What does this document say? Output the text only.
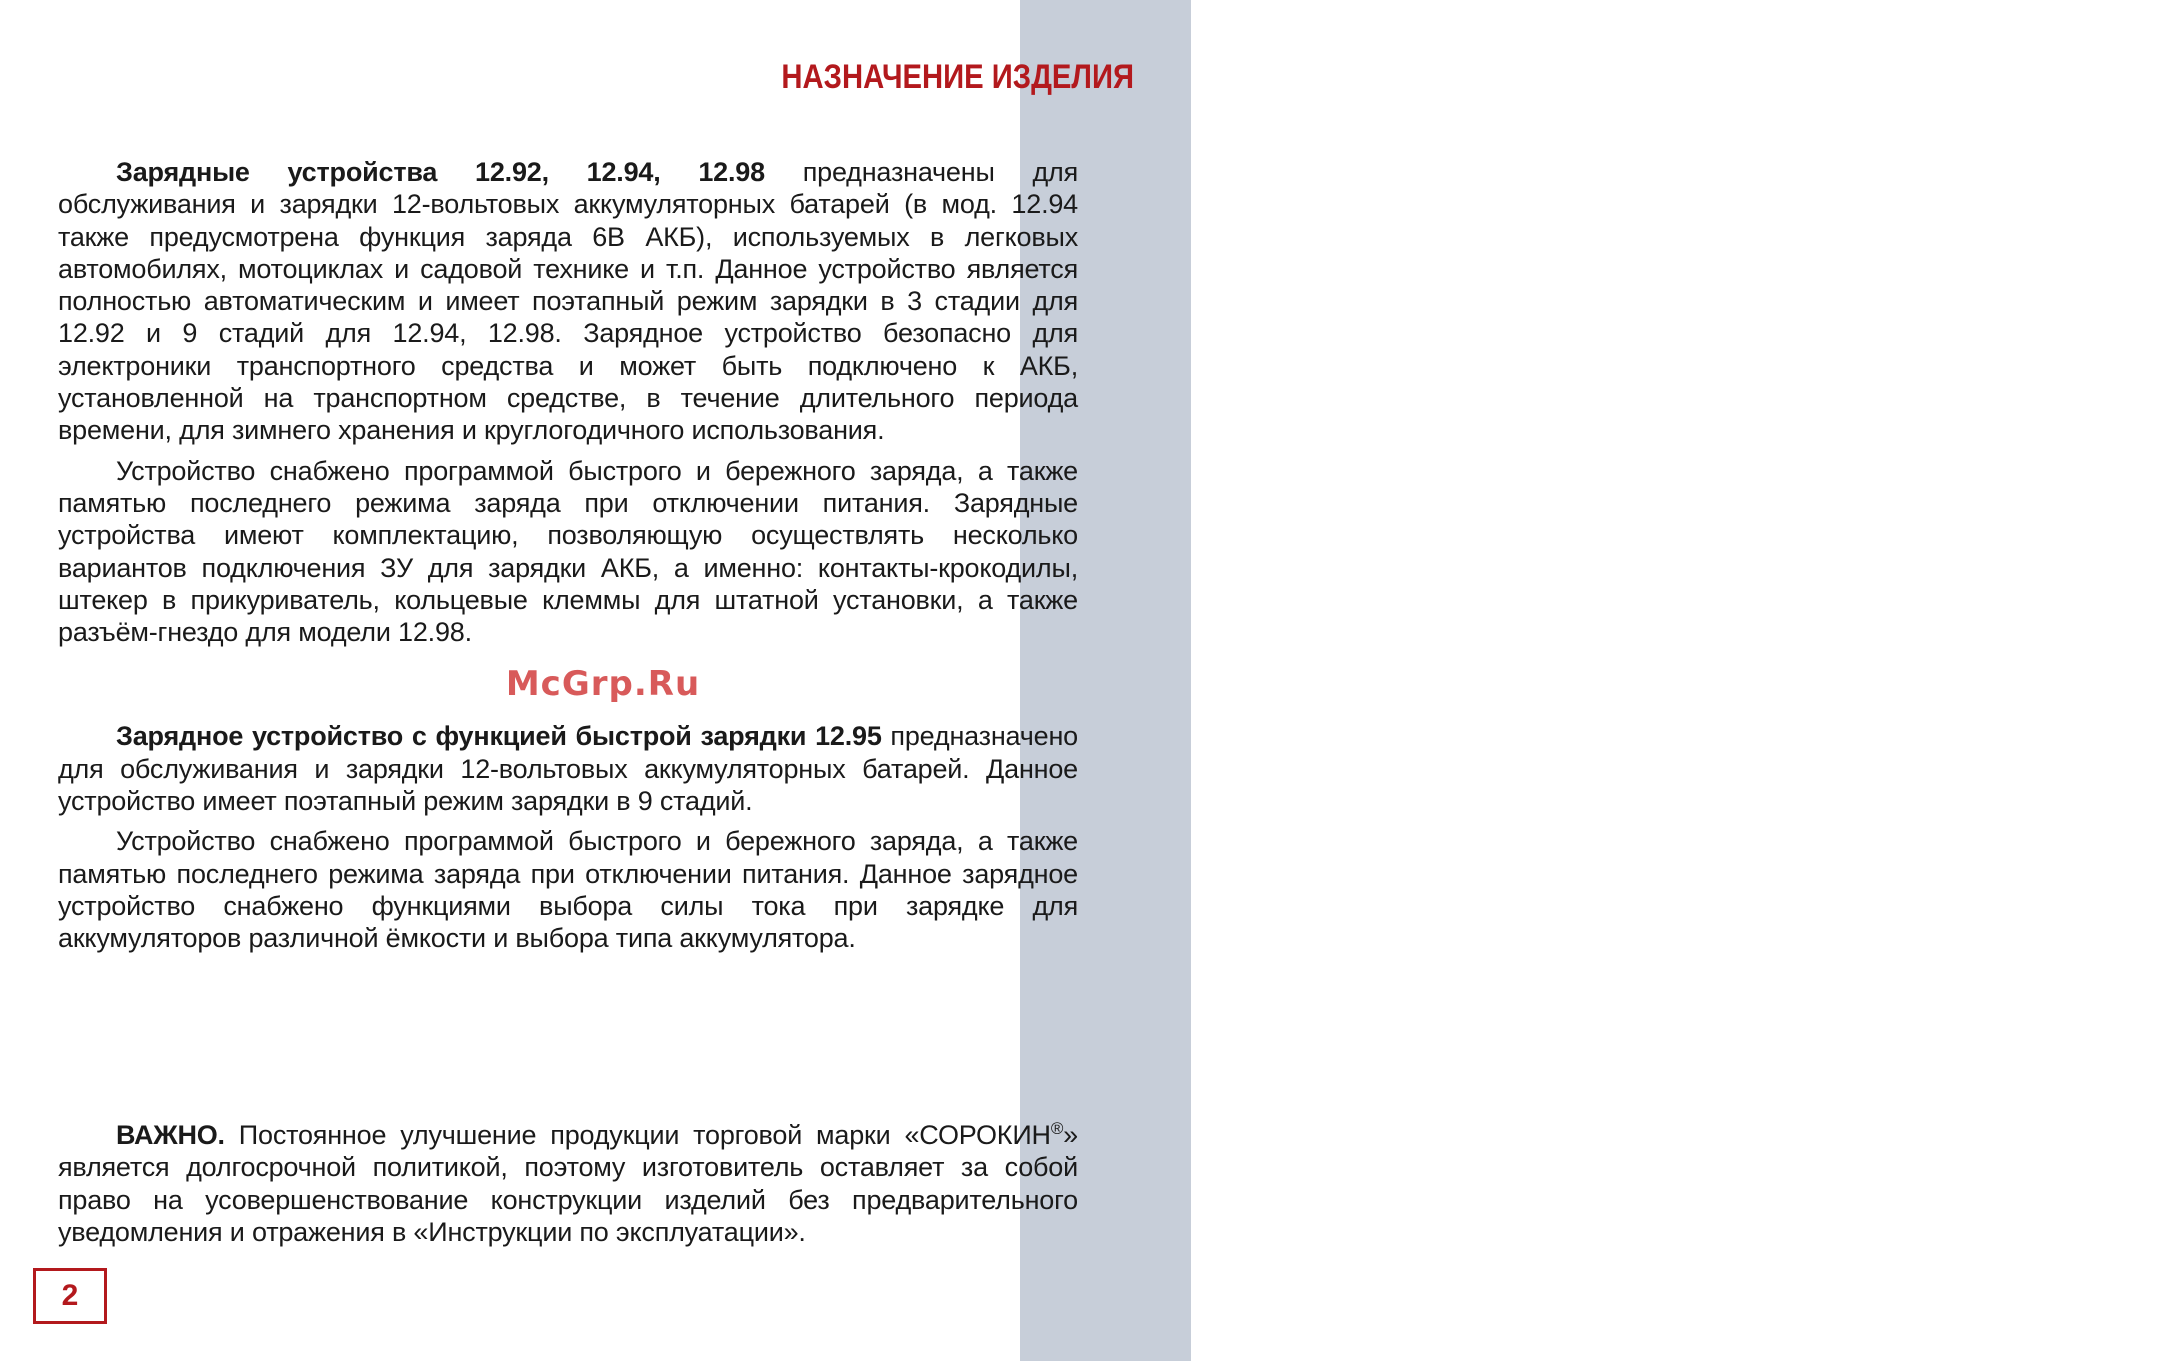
СОРОКИН®
ИНСТРУМЕНТ С ИМЕНЕМ
НАЗНАЧЕНИЕ ИЗДЕЛИЯ

Зарядные устройства 12.92, 12.94, 12.98 предназначены для обслуживания и зарядки 12-вольтовых аккумуляторных батарей (в мод. 12.94 также предусмотрена функция заряда 6В АКБ), используемых в легковых автомобилях, мотоциклах и садовой технике и т.п. Данное устройство является полностью автоматическим и имеет поэтапный режим зарядки в 3 стадии для 12.92 и 9 стадий для 12.94, 12.98. Зарядное устройство безопасно для электроники транспортного средства и может быть подключено к АКБ, установленной на транспортном средстве, в течение длительного периода времени, для зимнего хранения и круглогодичного использования.

Устройство снабжено программой быстрого и бережного заряда, а также памятью последнего режима заряда при отключении питания. Зарядные устройства имеют комплектацию, позволяющую осуществлять несколько вариантов подключения ЗУ для зарядки АКБ, а именно: контакты-крокодилы, штекер в прикуриватель, кольцевые клеммы для штатной установки, а также разъём-гнездо для модели 12.98.

McGrp.Ru

Зарядное устройство с функцией быстрой зарядки 12.95 предназначено для обслуживания и зарядки 12-вольтовых аккумуляторных батарей. Данное устройство имеет поэтапный режим зарядки в 9 стадий.

Устройство снабжено программой быстрого и бережного заряда, а также памятью последнего режима заряда при отключении питания. Данное зарядное устройство снабжено функциями выбора силы тока при зарядке для аккумуляторов различной ёмкости и выбора типа аккумулятора.

ВАЖНО. Постоянное улучшение продукции торговой марки «СОРОКИН®» является долгосрочной политикой, поэтому изготовитель оставляет за собой право на усовершенствование конструкции изделий без предварительного уведомления и отражения в «Инструкции по эксплуатации».

2
